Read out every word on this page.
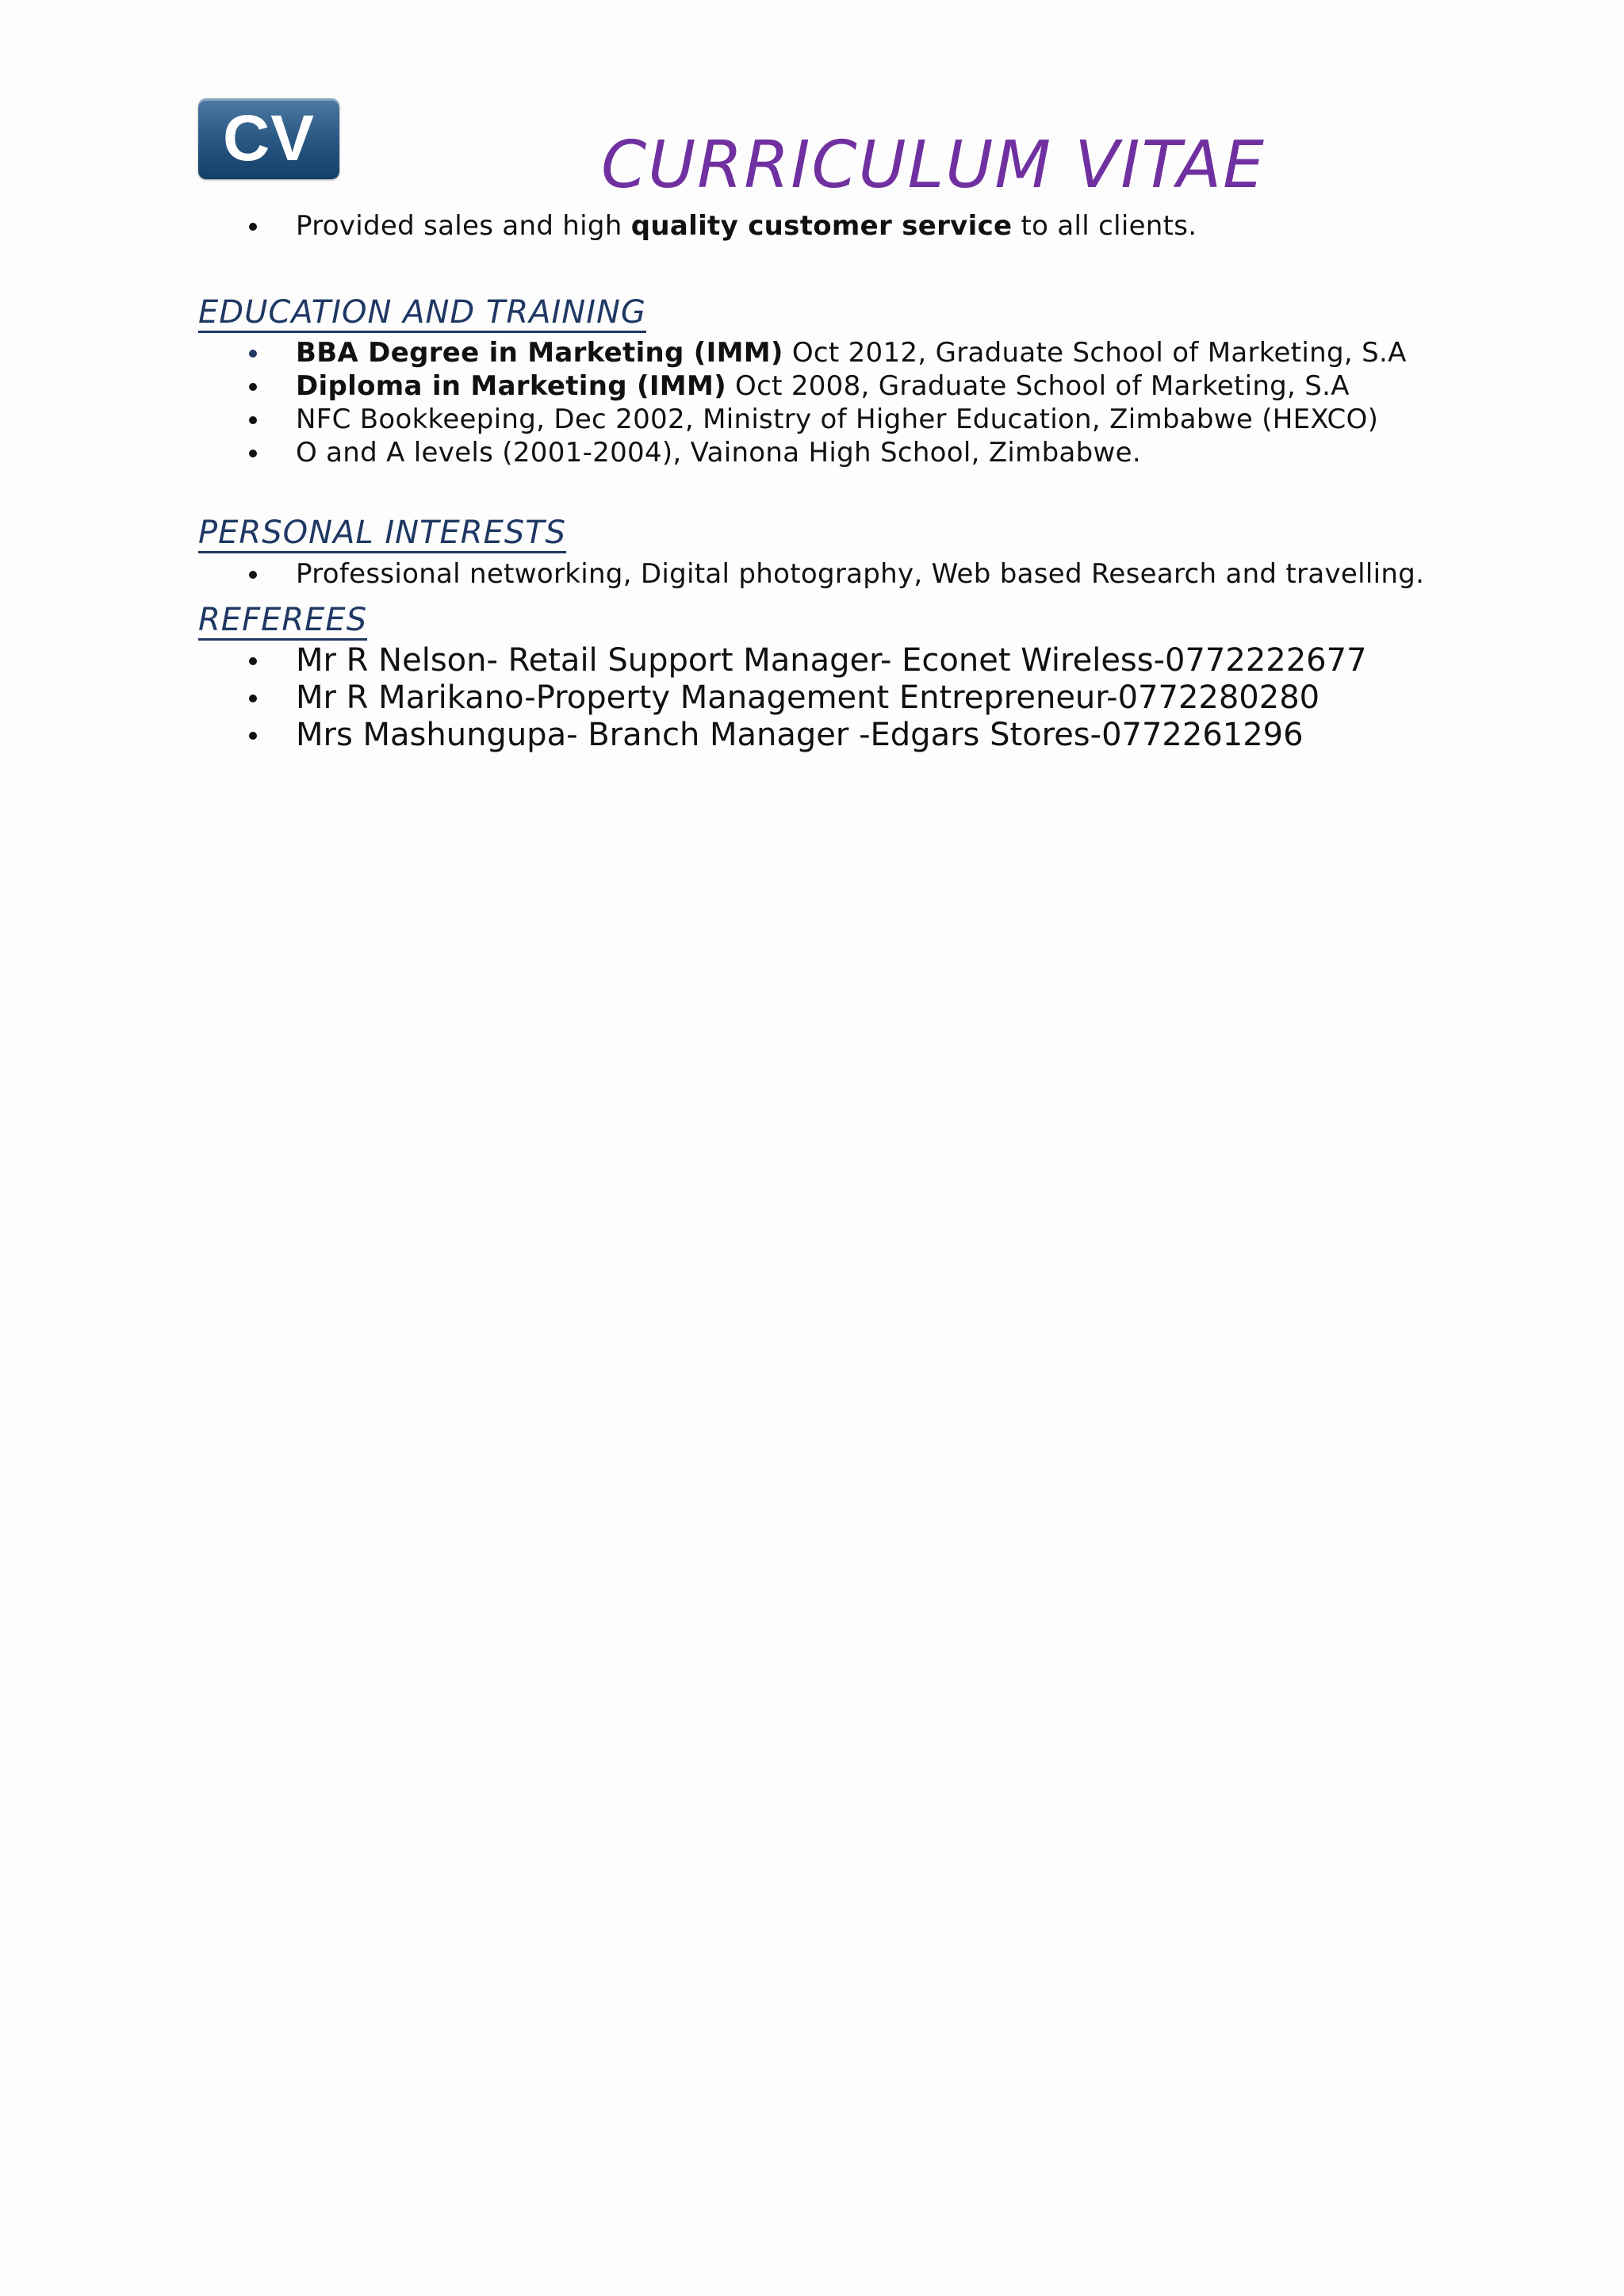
CV	CURRICULUM VITAE
Provided sales and high quality customer service to all clients.
EDUCATION AND TRAINING
BBA Degree in Marketing (IMM) Oct 2012, Graduate School of Marketing, S.A
Diploma in Marketing (IMM) Oct 2008, Graduate School of Marketing, S.A
NFC Bookkeeping, Dec 2002, Ministry of Higher Education, Zimbabwe (HEXCO)
O and A levels (2001-2004), Vainona High School, Zimbabwe.
PERSONAL INTERESTS
Professional networking, Digital photography, Web based Research and travelling.
REFEREES
Mr R Nelson- Retail Support Manager- Econet Wireless-0772222677
Mr R Marikano-Property Management Entrepreneur-0772280280
Mrs Mashungupa- Branch Manager -Edgars Stores-0772261296
